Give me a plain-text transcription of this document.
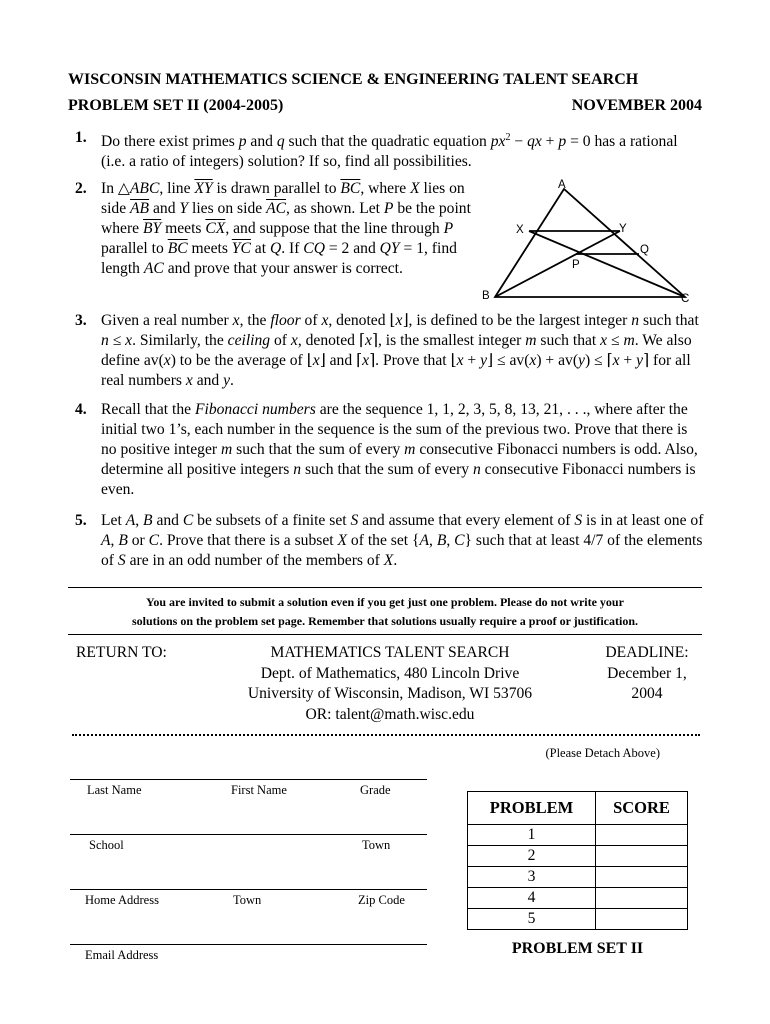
WISCONSIN MATHEMATICS SCIENCE & ENGINEERING TALENT SEARCH
PROBLEM SET II (2004-2005)	NOVEMBER 2004
1. Do there exist primes p and q such that the quadratic equation $px^2$ − qx + p = 0 has a rational (i.e. a ratio of integers) solution? If so, find all possibilities.
2. In △ABC, line $\overline{XY}$ is drawn parallel to $\overline{BC}$, where X lies on side $\overline{AB}$ and Y lies on side $\overline{AC}$, as shown. Let P be the point where $\overline{BY}$ meets $\overline{CX}$, and suppose that the line through P parallel to $\overline{BC}$ meets $\overline{YC}$ at Q. If CQ = 2 and QY = 1, find length AC and prove that your answer is correct.
A
B	C
X	Y
P
Q
3. Given a real number x, the floor of x, denoted ⌊x⌋, is defined to be the largest integer n such that n ≤ x. Similarly, the ceiling of x, denoted ⌈x⌉, is the smallest integer m such that x ≤ m. We also define av(x) to be the average of ⌊x⌋ and ⌈x⌉. Prove that ⌊x + y⌋ ≤ av(x) + av(y) ≤ ⌈x + y⌉ for all real numbers x and y.
4. Recall that the Fibonacci numbers are the sequence 1, 1, 2, 3, 5, 8, 13, 21, . . ., where after the initial two 1’s, each number in the sequence is the sum of the previous two. Prove that there is no positive integer m such that the sum of every m consecutive Fibonacci numbers is odd. Also, determine all positive integers n such that the sum of every n consecutive Fibonacci numbers is even.
5. Let A, B and C be subsets of a finite set S and assume that every element of S is in at least one of A, B or C. Prove that there is a subset X of the set {A, B, C} such that at least 4/7 of the elements of S are in an odd number of the members of X.
You are invited to submit a solution even if you get just one problem. Please do not write your
solutions on the problem set page. Remember that solutions usually require a proof or justification.
RETURN TO:	MATHEMATICS TALENT SEARCH
Dept. of Mathematics, 480 Lincoln Drive
University of Wisconsin, Madison, WI 53706
OR: talent@math.wisc.edu
DEADLINE:
December 1,
2004
(Please Detach Above)
Last Name	First Name	Grade
School	Town
Home Address	Town	Zip Code
Email Address
PROBLEM	SCORE
1	
2	
3	
4	
5	
PROBLEM SET II
